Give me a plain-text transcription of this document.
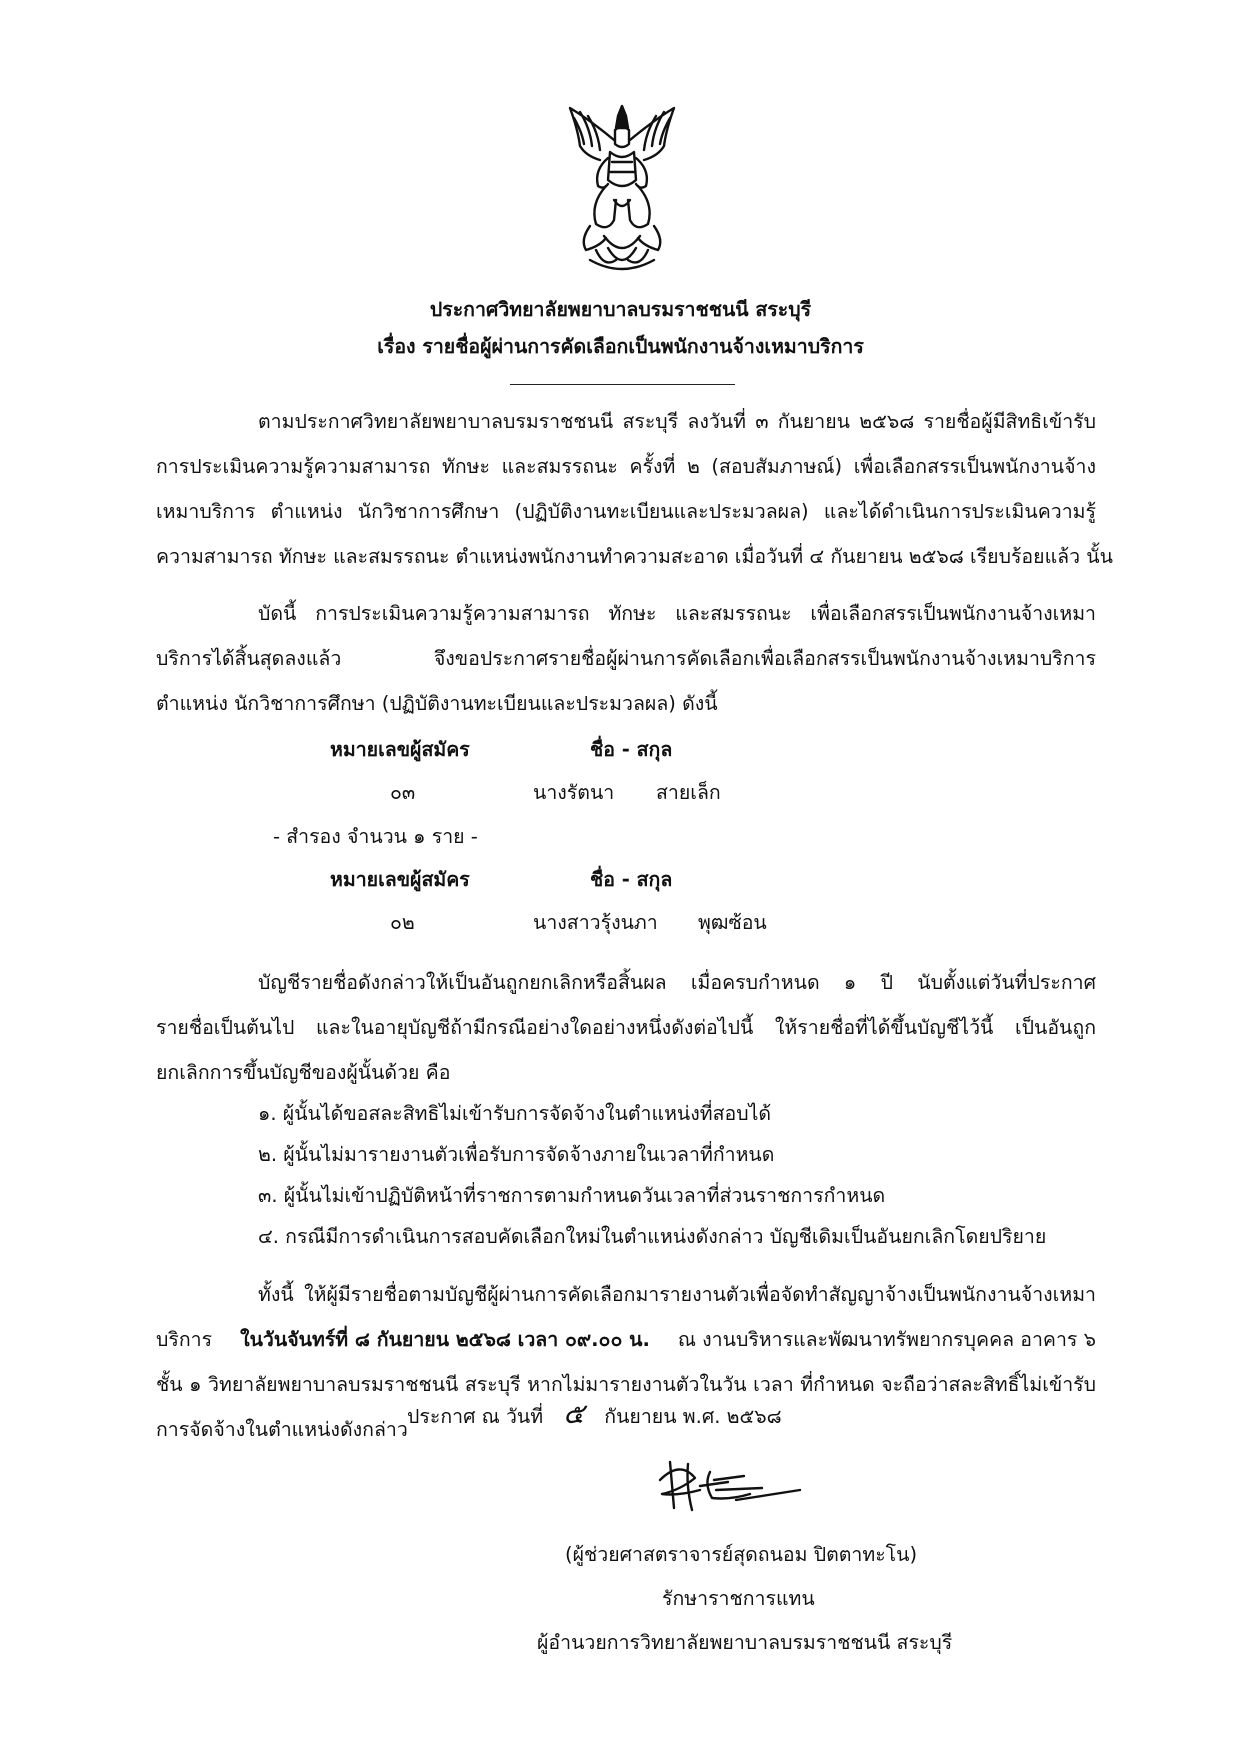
ประกาศวิทยาลัยพยาบาลบรมราชชนนี สระบุรี
เรื่อง รายชื่อผู้ผ่านการคัดเลือกเป็นพนักงานจ้างเหมาบริการ
ตามประกาศวิทยาลัยพยาบาลบรมราชชนนี สระบุรี ลงวันที่ ๓ กันยายน ๒๕๖๘ รายชื่อผู้มีสิทธิเข้ารับ
การประเมินความรู้ความสามารถ ทักษะ และสมรรถนะ ครั้งที่ ๒ (สอบสัมภาษณ์) เพื่อเลือกสรรเป็นพนักงานจ้าง
เหมาบริการ ตำแหน่ง นักวิชาการศึกษา (ปฏิบัติงานทะเบียนและประมวลผล) และได้ดำเนินการประเมินความรู้
ความสามารถ ทักษะ และสมรรถนะ ตำแหน่งพนักงานทำความสะอาด เมื่อวันที่ ๔ กันยายน ๒๕๖๘ เรียบร้อยแล้ว นั้น
บัดนี้ การประเมินความรู้ความสามารถ ทักษะ และสมรรถนะ เพื่อเลือกสรรเป็นพนักงานจ้างเหมา
บริการได้สิ้นสุดลงแล้ว จึงขอประกาศรายชื่อผู้ผ่านการคัดเลือกเพื่อเลือกสรรเป็นพนักงานจ้างเหมาบริการ
ตำแหน่ง นักวิชาการศึกษา (ปฏิบัติงานทะเบียนและประมวลผล) ดังนี้
หมายเลขผู้สมัคร	ชื่อ - สกุล
๐๓	นางรัตนา สายเล็ก
- สำรอง จำนวน ๑ ราย -
หมายเลขผู้สมัคร	ชื่อ - สกุล
๐๒	นางสาวรุ้งนภา พุฒซ้อน
บัญชีรายชื่อดังกล่าวให้เป็นอันถูกยกเลิกหรือสิ้นผล เมื่อครบกำหนด ๑ ปี นับตั้งแต่วันที่ประกาศ
รายชื่อเป็นต้นไป และในอายุบัญชีถ้ามีกรณีอย่างใดอย่างหนึ่งดังต่อไปนี้ ให้รายชื่อที่ได้ขึ้นบัญชีไว้นี้ เป็นอันถูก
ยกเลิกการขึ้นบัญชีของผู้นั้นด้วย คือ
๑. ผู้นั้นได้ขอสละสิทธิไม่เข้ารับการจัดจ้างในตำแหน่งที่สอบได้
๒. ผู้นั้นไม่มารายงานตัวเพื่อรับการจัดจ้างภายในเวลาที่กำหนด
๓. ผู้นั้นไม่เข้าปฏิบัติหน้าที่ราชการตามกำหนดวันเวลาที่ส่วนราชการกำหนด
๔. กรณีมีการดำเนินการสอบคัดเลือกใหม่ในตำแหน่งดังกล่าว บัญชีเดิมเป็นอันยกเลิกโดยปริยาย
ทั้งนี้ ให้ผู้มีรายชื่อตามบัญชีผู้ผ่านการคัดเลือกมารายงานตัวเพื่อจัดทำสัญญาจ้างเป็นพนักงานจ้างเหมา
บริการ ในวันจันทร์ที่ ๘ กันยายน ๒๕๖๘ เวลา ๐๙.๐๐ น. ณ งานบริหารและพัฒนาทรัพยากรบุคคล อาคาร ๖
ชั้น ๑ วิทยาลัยพยาบาลบรมราชชนนี สระบุรี หากไม่มารายงานตัวในวัน เวลา ที่กำหนด จะถือว่าสละสิทธิ์ไม่เข้ารับ
การจัดจ้างในตำแหน่งดังกล่าว
ประกาศ ณ วันที่ ๕ กันยายน พ.ศ. ๒๕๖๘
(ผู้ช่วยศาสตราจารย์สุดถนอม ปิตตาทะโน)
รักษาราชการแทน
ผู้อำนวยการวิทยาลัยพยาบาลบรมราชชนนี สระบุรี
